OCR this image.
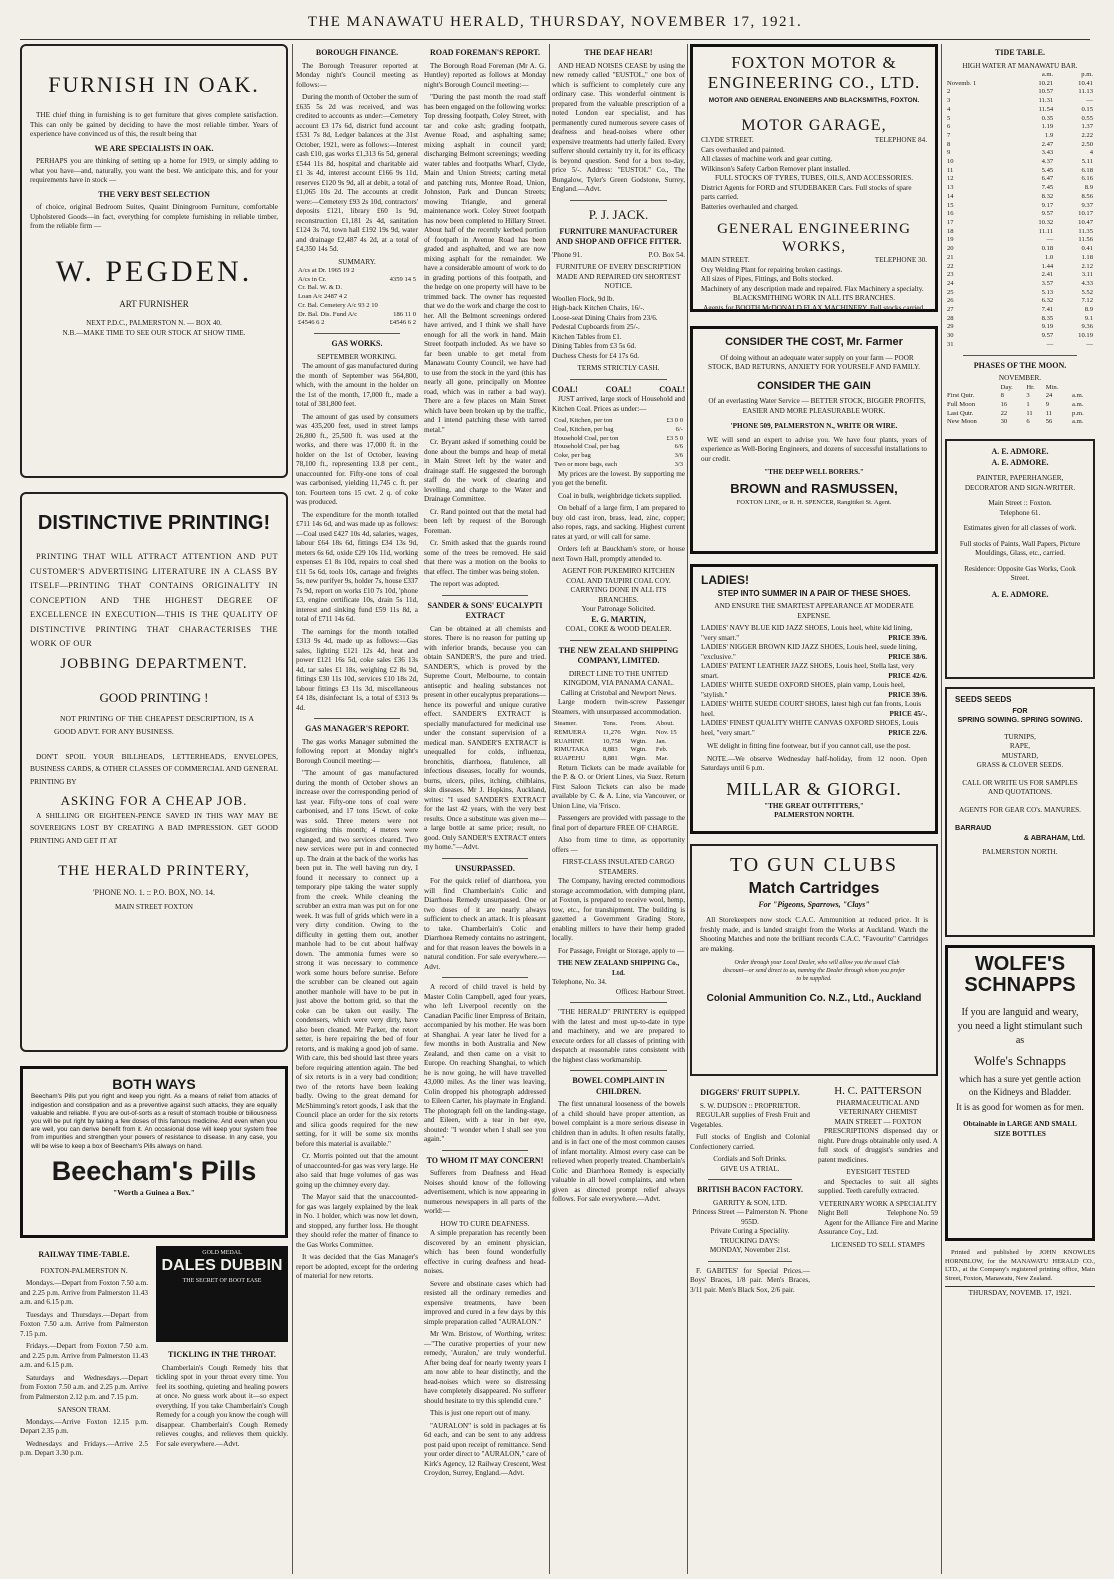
THE MANAWATU HERALD, THURSDAY, NOVEMBER 17, 1921.
FURNISH IN OAK.

THE chief thing in furnishing is to get furniture that gives complete satisfaction. This can only be gained by deciding to have the most reliable timber. Years of experience have convinced us of this, the result being that

WE ARE SPECIALISTS IN OAK.

PERHAPS you are thinking of setting up a home for 1919, or simply adding to what you have—and, naturally, you want the best. We anticipate this, and for your requirements have in stock —

THE VERY BEST SELECTION

of choice, original Bedroom Suites, Quaint Diningroom Furniture, comfortable Upholstered Goods—in fact, everything for complete furnishing in reliable timber, from the reliable firm —

W. PEGDEN.
ART FURNISHER
NEXT P.D.C., PALMERSTON N. — BOX 40.
N.B.—MAKE TIME TO SEE OUR STOCK AT SHOW TIME.
DISTINCTIVE PRINTING!

PRINTING THAT WILL ATTRACT ATTENTION AND PUT CUSTOMER'S ADVERTISING LITERATURE IN A CLASS BY ITSELF—PRINTING THAT CONTAINS ORIGINALITY IN CONCEPTION AND THE HIGHEST DEGREE OF EXCELLENCE IN EXECUTION—THIS IS THE QUALITY OF DISTINCTIVE PRINTING THAT CHARACTERISES THE WORK OF OUR

JOBBING DEPARTMENT.
GOOD PRINTING !

NOT PRINTING OF THE CHEAPEST DESCRIPTION, IS A GOOD ADVT. FOR ANY BUSINESS.

DON'T SPOIL YOUR BILLHEADS, LETTERHEADS, ENVELOPES, BUSINESS CARDS, & OTHER CLASSES OF COMMERCIAL AND GENERAL PRINTING BY

ASKING FOR A CHEAP JOB.

A SHILLING OR EIGHTEEN-PENCE SAVED IN THIS WAY MAY BE SOVEREIGNS LOST BY CREATING A BAD IMPRESSION. GET GOOD PRINTING AND GET IT AT

THE HERALD PRINTERY,
'PHONE NO. 1. :: P.O. BOX, NO. 14.
MAIN STREET FOXTON
BOTH WAYS

Beecham's Pills put you right and keep you right. As a means of relief from attacks of indigestion and constipation and as a preventive against such attacks, they are equally valuable and reliable. If you are out-of-sorts as a result of stomach trouble or biliousness you will be put right by taking a few doses of this famous medicine. And even when you are well, you can derive benefit from it. An occasional dose will keep your system free from impurities and strengthen your powers of resistance to disease. In any case, you will be wise to keep a box of Beecham's Pills always on hand.

Beecham's Pills
"Worth a Guinea a Box."
RAILWAY TIME-TABLE.
FOXTON-PALMERSTON N.

Mondays.—Depart from Foxton 7.50 a.m. and 2.25 p.m. Arrive from Palmerston 11.43 a.m. and 6.15 p.m.

Tuesdays and Thursdays.—Depart from Foxton 7.50 a.m. Arrive from Palmerston 7.15 p.m.

Fridays.—Depart from Foxton 7.50 a.m. and 2.25 p.m. Arrive from Palmerston 11.43 a.m. and 6.15 p.m.

Saturdays and Wednesdays.—Depart from Foxton 7.50 a.m. and 2.25 p.m. Arrive from Palmerston 2.12 p.m. and 7.15 p.m.

SANSON TRAM.

Mondays.—Arrive Foxton 12.15 p.m. Depart 2.35 p.m.

Wednesdays and Fridays.—Arrive 2.5 p.m. Depart 3.30 p.m.

GOLD MEDAL
DALES DUBBIN
THE SECRET OF BOOT EASE
TICKLING IN THE THROAT.

Chamberlain's Cough Remedy hits that tickling spot in your throat every time. You feel its soothing, quieting and healing powers at once. No guess work about it—so expect everything. If you take Chamberlain's Cough Remedy for a cough you know the cough will disappear. Chamberlain's Cough Remedy relieves coughs, and relieves them quickly. For sale everywhere.—Advt.

BOROUGH FINANCE.

The Borough Treasurer reported at Monday night's Council meeting as follows:—

During the month of October the sum of £635 5s 2d was received, and was credited to accounts as under:—Cemetery account £3 17s 6d, district fund account £531 7s 8d, Ledger balances at the 31st October, 1921, were as follows:—Interest cash £10, gas works £1,313 6s 5d, general £544 11s 8d, hospital and charitable aid £1 3s 4d, interest account £166 9s 11d, reserves £120 9s 9d, all at debit, a total of £1,065 10s 2d. The accounts at credit were:—Cemetery £93 2s 10d, contractors' deposits £121, library £60 1s 9d, reconstruction £1,181 2s 4d, sanitation £124 3s 7d, town hall £192 19s 9d, water and drainage £2,487 4s 2d, at a total of £4,350 14s 5d.

SUMMARY.
A/cs at Dr. 1965 19 2	
A/cs in Cr.	4359 14 5
Cr. Bal. W. & D.	
Loan A/c 2487 4 2	
Cr. Bal. Cemetery A/c 93 2 10	
Dr. Bal. Dis. Fund A/c	186 11 0
£4546 6 2	£4546 6 2
GAS WORKS.
SEPTEMBER WORKING.

The amount of gas manufactured during the month of September was 564,800, which, with the amount in the holder on the 1st of the month, 17,000 ft., made a total of 381,800 feet.

The amount of gas used by consumers was 435,200 feet, used in street lamps 26,800 ft., 25,500 ft. was used at the works, and there was 17,000 ft. in the holder on the 1st of October, leaving 78,100 ft., representing 13.8 per cent., unaccounted for. Fifty-one tons of coal was carbonised, yielding 11,745 c. ft. per ton. Fourteen tons 15 cwt. 2 q. of coke was produced.

The expenditure for the month totalled £711 14s 6d, and was made up as follows:—Coal used £427 10s 4d, salaries, wages, labour £64 18s 6d, fittings £34 13s 9d, meters 6s 6d, oxide £29 10s 11d, working expenses £1 8s 10d, repairs to coal shed £11 5s 6d, tools 10s, cartage and freights 5s, new purifyer 9s, holder 7s, house £337 7s 9d, report on works £10 7s 10d, 'phone £3, engine certificate 10s, drain 5s 11d, interest and sinking fund £59 11s 8d, a total of £711 14s 6d.

The earnings for the month totalled £313 9s 4d, made up as follows:—Gas sales, lighting £121 12s 4d, heat and power £121 16s 5d, coke sales £36 13s 4d, tar sales £1 18s, weighing £2 8s 9d, fittings £30 11s 10d, services £10 18s 2d, labour fittings £3 11s 3d, miscellaneous £4 18s, disinfectant 1s, a total of £313 9s 4d.

GAS MANAGER'S REPORT.

The gas works Manager submitted the following report at Monday night's Borough Council meeting:—

"The amount of gas manufactured during the month of October shows an increase over the corresponding period of last year. Fifty-one tons of coal were carbonised, and 17 tons 15cwt. of coke was sold. Three meters were not registering this month; 4 meters were changed, and two services cleared. Two new services were put in and connected up. The drain at the back of the works has been put in. The well having run dry, I found it necessary to connect up a temporary pipe taking the water supply from the creek. While cleaning the scrubber an extra man was put on for one week. It was full of grids which were in a very dirty condition. Owing to the difficulty in getting them out, another manhole had to be cut about halfway down. The ammonia fumes were so strong it was necessary to commence work some hours before sunrise. Before the scrubber can be cleaned out again another manhole will have to be put in just above the bottom grid, so that the coke can be taken out easily. The condensers, which were very dirty, have also been cleaned. Mr Parker, the retort setter, is here repairing the bed of four retorts, and is making a good job of same. With care, this bed should last three years before requiring attention again. The bed of six retorts is in a very bad condition; two of the retorts have been leaking badly. Owing to the great demand for McShimming's retort goods, I ask that the Council place an order for the six retorts and silica goods required for the new setting, for it will be some six months before this material is available."

Cr. Morris pointed out that the amount of unaccounted-for gas was very large. He also said that huge volumes of gas was going up the chimney every day.

The Mayor said that the unaccounted-for gas was largely explained by the leak in No. 1 holder, which was now let down, and stopped, any further loss. He thought they should refer the matter of finance to the Gas Works Committee.

It was decided that the Gas Manager's report be adopted, except for the ordering of material for new retorts.

ROAD FOREMAN'S REPORT.

The Borough Road Foreman (Mr A. G. Huntley) reported as follows at Monday night's Borough Council meeting:—

"During the past month the road staff has been engaged on the following works: Top dressing footpath, Coley Street, with tar and coke ash; grading footpath, Avenue Road, and asphalting same; mixing asphalt in council yard; discharging Belmont screenings; weeding water tables and footpaths Wharf, Clyde, Main and Union Streets; carting metal and patching ruts, Montee Road, Union, Johnston, Park and Duncan Streets; mowing Triangle, and general maintenance work. Coley Street footpath has now been completed to Hillary Street. About half of the recently kerbed portion of footpath in Avenue Road has been graded and asphalted, and we are now mixing asphalt for the remainder. We have a considerable amount of work to do in grading portions of this footpath, and the hedge on one property will have to be trimmed back. The owner has requested that we do the work and charge the cost to her. All the Belmont screenings ordered have arrived, and I think we shall have enough for all the work in hand. Main Street footpath included. As we have so far been unable to get metal from Manawatu County Council, we have had to use from the stock in the yard (this has nearly all gone, principally on Montee road, which was in rather a bad way). There are a few places on Main Street which have been broken up by the traffic, and I intend patching these with tarred metal."

Cr. Bryant asked if something could be done about the bumps and heap of metal in Main Street left by the water and drainage staff. He suggested the borough staff do the work of clearing and levelling, and charge to the Water and Drainage Committee.

Cr. Rand pointed out that the metal had been left by request of the Borough Foreman.

Cr. Smith asked that the guards round some of the trees be removed. He said that there was a motion on the books to that effect. The timber was being stolen.

The report was adopted.

SANDER & SONS' EUCALYPTI EXTRACT

Can be obtained at all chemists and stores. There is no reason for putting up with inferior brands, because you can obtain SANDER'S, the pure and tried. SANDER'S, which is proved by the Supreme Court, Melbourne, to contain antiseptic and healing substances not present in other eucalyptus preparations—hence its powerful and unique curative effect. SANDER'S EXTRACT is specially manufactured for medicinal use under the constant supervision of a medical man. SANDER'S EXTRACT is unequalled for colds, influenza, bronchitis, diarrhoea, flatulence, all infectious diseases, locally for wounds, burns, ulcers, piles, itching, chilblains, skin diseases. Mr J. Hopkins, Auckland, writes: "I used SANDER'S EXTRACT for the last 42 years, with the very best results. Once a substitute was given me—a large bottle at same price; result, no good. Only SANDER'S EXTRACT enters my home."—Advt.

UNSURPASSED.

For the quick relief of diarrhoea, you will find Chamberlain's Colic and Diarrhoea Remedy unsurpassed. One or two doses of it are nearly always sufficient to check an attack. It is pleasant to take. Chamberlain's Colic and Diarrhoea Remedy contains no astringent, and for that reason leaves the bowels in a natural condition. For sale everywhere.—Advt.

A record of child travel is held by Master Colin Campbell, aged four years, who left Liverpool recently on the Canadian Pacific liner Empress of Britain, accompanied by his mother. He was born at Shanghai. A year later he lived for a few months in both Australia and New Zealand, and then came on a visit to Europe. On reaching Shanghai, to which he is now going, he will have travelled 43,000 miles. As the liner was leaving, Colin dropped his photograph addressed to Eileen Carter, his playmate in England. The photograph fell on the landing-stage, and Eileen, with a tear in her eye, shouted: "I wonder when I shall see you again."

TO WHOM IT MAY CONCERN!

Sufferers from Deafness and Head Noises should know of the following advertisement, which is now appearing in numerous newspapers in all parts of the world:—

HOW TO CURE DEAFNESS.

A simple preparation has recently been discovered by an eminent physician, which has been found wonderfully effective in curing deafness and head-noises.

Severe and obstinate cases which had resisted all the ordinary remedies and expensive treatments, have been improved and cured in a few days by this simple preparation called "AURALON."

Mr Wm. Bristow, of Worthing, writes:—"The curative properties of your new remedy, 'Auralon,' are truly wonderful. After being deaf for nearly twenty years I am now able to hear distinctly, and the head-noises which were so distressing have completely disappeared. No sufferer should hesitate to try this splendid cure."

This is just one report out of many.

"AURALON" is sold in packages at 6s 6d each, and can be sent to any address post paid upon receipt of remittance. Send your order direct to "AURALON," care of Kirk's Agency, 12 Railway Crescent, West Croydon, Surrey, England.—Advt.

THE DEAF HEAR!

AND HEAD NOISES CEASE by using the new remedy called "EUSTOL," one box of which is sufficient to completely cure any ordinary case. This wonderful ointment is prepared from the valuable prescription of a noted London ear specialist, and has permanently cured numerous severe cases of deafness and head-noises where other expensive treatments had utterly failed. Every sufferer should certainly try it, for its efficacy is beyond question. Send for a box to-day, price 5/-. Address: "EUSTOL" Co., The Bungalow, Tyler's Green Godstone, Surrey, England.—Advt.

P. J. JACK.
FURNITURE MANUFACTURER AND SHOP AND OFFICE FITTER.
'Phone 91.	P.O. Box 54.
FURNITURE OF EVERY DESCRIPTION MADE AND REPAIRED ON SHORTEST NOTICE.
Woollen Flock, 9d lb.
High-back Kitchen Chairs, 16/-.
Loose-seat Dining Chairs from 23/6.
Pedestal Cupboards from 25/-.
Kitchen Tables from £1.
Dining Tables from £3 5s 6d.
Duchess Chests for £4 17s 6d.
TERMS STRICTLY CASH.
COAL!	COAL!	COAL!

JUST arrived, large stock of Household and Kitchen Coal. Prices as under:—

Coal, Kitchen, per ton	£3 0 0
Coal, Kitchen, per bag	6/-
Household Coal, per ton	£3 5 0
Household Coal, per bag	6/6
Coke, per bag	3/6
Two or more bags, each	3/3

My prices are the lowest. By supporting me you get the benefit.

Coal in bulk, weighbridge tickets supplied.

On behalf of a large firm, I am prepared to buy old cast iron, brass, lead, zinc, copper; also ropes, rags, and sacking. Highest current rates at yard, or will call for same.

Orders left at Bauckham's store, or house next Town Hall, promptly attended to.

AGENT FOR PUKEMIRO KITCHEN COAL AND TAUPIRI COAL COY.
CARRYING DONE IN ALL ITS BRANCHES.
Your Patronage Solicited.
E. G. MARTIN,
COAL, COKE & WOOD DEALER.
THE NEW ZEALAND SHIPPING COMPANY, LIMITED.
DIRECT LINE TO THE UNITED KINGDOM, VIA PANAMA CANAL.
Calling at Cristobal and Newport News.

Large modern twin-screw Passenger Steamers, with unsurpassed accommodation.

Steamer.	Tons.	From.	About.
REMUERA	11,276	Wgtn.	Nov. 15
RUAHINE	10,758	Wgtn.	Jan.
RIMUTAKA	8,883	Wgtn.	Feb.
RUAPEHU	8,881	Wgtn.	Mar.

Return Tickets can be made available for the P. & O. or Orient Lines, via Suez. Return First Saloon Tickets can also be made available by C. & A. Line, via Vancouver, or Union Line, via 'Frisco.

Passengers are provided with passage to the final port of departure FREE OF CHARGE.

Also from time to time, as opportunity offers —

FIRST-CLASS INSULATED CARGO STEAMERS.

The Company, having erected commodious storage accommodation, with dumping plant, at Foxton, is prepared to receive wool, hemp, tow, etc., for transhipment. The building is gazetted a Government Grading Store, enabling millers to have their hemp graded locally.

For Passage, Freight or Storage, apply to —

THE NEW ZEALAND SHIPPING Co., Ltd.
Telephone, No. 34.
Offices: Harbour Street.

"THE HERALD" PRINTERY is equipped with the latest and most up-to-date in type and machinery, and we are prepared to execute orders for all classes of printing with despatch at reasonable rates consistent with the highest class workmanship.

BOWEL COMPLAINT IN CHILDREN.

The first unnatural looseness of the bowels of a child should have proper attention, as bowel complaint is a more serious disease in children than in adults. It often results fatally, and is in fact one of the most common causes of infant mortality. Almost every case can be relieved when properly treated. Chamberlain's Colic and Diarrhoea Remedy is especially valuable in all bowel complaints, and when given as directed prompt relief always follows. For sale everywhere.—Advt.

FOXTON MOTOR & ENGINEERING CO., LTD.
MOTOR AND GENERAL ENGINEERS AND BLACKSMITHS, FOXTON.
MOTOR GARAGE,
CLYDE STREET.	TELEPHONE 84.
Cars overhauled and painted.
All classes of machine work and gear cutting.
Wilkinson's Safety Carbon Remover plant installed.
FULL STOCKS OF TYRES, TUBES, OILS, AND ACCESSORIES.
District Agents for FORD and STUDEBAKER Cars. Full stocks of spare parts carried.
Batteries overhauled and charged.
GENERAL ENGINEERING WORKS,
MAIN STREET.	TELEPHONE 30.
Oxy Welding Plant for repairing broken castings.
All sizes of Pipes, Fittings, and Bolts stocked.
Machinery of any description made and repaired. Flax Machinery a specialty.
BLACKSMITHING WORK IN ALL ITS BRANCHES.
Agents for BOOTH McDONALD FLAX MACHINERY. Full stocks carried.
CONSIDER THE COST, Mr. Farmer

Of doing without an adequate water supply on your farm — POOR STOCK, BAD RETURNS, ANXIETY FOR YOURSELF AND FAMILY.

CONSIDER THE GAIN

Of an everlasting Water Service — BETTER STOCK, BIGGER PROFITS, EASIER AND MORE PLEASURABLE WORK.

'PHONE 509, PALMERSTON N., WRITE OR WIRE.

WE will send an expert to advise you. We have four plants, years of experience as Well-Boring Engineers, and dozens of successful installations to our credit.

"THE DEEP WELL BORERS."
BROWN and RASMUSSEN,
FOXTON LINE, or R. H. SPENCER, Rangitikei St. Agent.
LADIES!
STEP INTO SUMMER IN A PAIR OF THESE SHOES.
AND ENSURE THE SMARTEST APPEARANCE AT MODERATE EXPENSE.
LADIES' NAVY BLUE KID JAZZ SHOES, Louis heel, white kid lining, "very smart."	PRICE 39/6.
LADIES' NIGGER BROWN KID JAZZ SHOES, Louis heel, suede lining, "exclusive."	PRICE 38/6.
LADIES' PATENT LEATHER JAZZ SHOES, Louis heel, Stella last, very smart.	PRICE 42/6.
LADIES' WHITE SUEDE OXFORD SHOES, plain vamp, Louis heel, "stylish."	PRICE 39/6.
LADIES' WHITE SUEDE COURT SHOES, latest high cut fan fronts, Louis heel.	PRICE 45/-.
LADIES' FINEST QUALITY WHITE CANVAS OXFORD SHOES, Louis heel, "very smart."	PRICE 22/6.

WE delight in fitting fine footwear, but if you cannot call, use the post.

NOTE.—We observe Wednesday half-holiday, from 12 noon. Open Saturdays until 6 p.m.

MILLAR & GIORGI.
"THE GREAT OUTFITTERS,"
PALMERSTON NORTH.
TO GUN CLUBS
Match Cartridges
For "Pigeons, Sparrows, "Clays"

All Storekeepers now stock C.A.C. Ammunition at reduced price. It is freshly made, and is landed straight from the Works at Auckland. Watch the Shooting Matches and note the brilliant records C.A.C. "Favourite" Cartridges are making.

Order through your Local Dealer, who will allow you the usual Club discount—or send direct to us, naming the Dealer through whom you prefer to be supplied.

Colonial Ammunition Co. N.Z., Ltd., Auckland
DIGGERS' FRUIT SUPPLY.
S. W. DUDSON :: PROPRIETOR.

REGULAR supplies of Fresh Fruit and Vegetables.

Full stocks of English and Colonial Confectionery carried.

Cordials and Soft Drinks.
GIVE US A TRIAL.
BRITISH BACON FACTORY.
GARRITY & SON, LTD.
Princess Street — Palmerston N. 'Phone 955D.
Private Curing a Speciality.
TRUCKING DAYS:
MONDAY, November 21st.

F. GABITES' for Special Prices.—Boys' Braces, 1/8 pair. Men's Braces, 3/11 pair. Men's Black Sox, 2/6 pair.

H. C. PATTERSON
PHARMACEUTICAL AND VETERINARY CHEMIST
MAIN STREET — FOXTON

PRESCRIPTIONS dispensed day or night. Pure drugs obtainable only used. A full stock of druggist's sundries and patent medicines.

EYESIGHT TESTED

and Spectacles to suit all sights supplied. Teeth carefully extracted.

VETERINARY WORK A SPECIALITY
Night Bell	Telephone No. 59

Agent for the Alliance Fire and Marine Assurance Coy., Ltd.

LICENSED TO SELL STAMPS
TIDE TABLE.
HIGH WATER AT MANAWATU BAR.
	a.m.	p.m.
Novemb. 1	10.21	10.41
2	10.57	11.13
3	11.31	—
4	11.54	0.15
5	0.35	0.55
6	1.19	1.37
7	1.9	2.22
8	2.47	2.50
9	3.43	4
10	4.37	5.11
11	5.45	6.18
12	6.47	6.16
13	7.45	8.9
14	8.32	8.56
15	9.17	9.37
16	9.57	10.17
17	10.32	10.47
18	11.11	11.35
19	—	11.56
20	0.18	0.41
21	1.0	1.18
22	1.44	2.12
23	2.41	3.11
24	3.57	4.33
25	5.13	5.52
26	6.32	7.12
27	7.41	8.9
28	8.35	9.1
29	9.19	9.36
30	9.57	10.19
31	—	—
PHASES OF THE MOON.
NOVEMBER.
	Day.	Hr.	Min.	
First Qutr.	8	3	24	a.m.
Full Moon	16	1	9	a.m.
Last Qutr.	22	11	11	p.m.
New Moon	30	6	56	a.m.
A. E. ADMORE.
A. E. ADMORE.
PAINTER, PAPERHANGER, DECORATOR AND SIGN-WRITER.
Main Street :: Foxton.
Telephone 61.
Estimates given for all classes of work.
Full stocks of Paints, Wall Papers, Picture Mouldings, Glass, etc., carried.
Residence: Opposite Gas Works, Cook Street.
A. E. ADMORE.
SEEDS SEEDS
FOR
SPRING SOWING. SPRING SOWING.
TURNIPS,
RAPE,
MUSTARD,
GRASS & CLOVER SEEDS.
CALL OR WRITE US FOR SAMPLES AND QUOTATIONS.
AGENTS FOR GEAR CO's. MANURES.
BARRAUD
& ABRAHAM, Ltd.
PALMERSTON NORTH.
WOLFE'S SCHNAPPS

If you are languid and weary, you need a light stimulant such as

Wolfe's Schnapps

which has a sure yet gentle action on the Kidneys and Bladder.

It is as good for women as for men.

Obtainable in LARGE AND SMALL SIZE BOTTLES

Printed and published by JOHN KNOWLES HORNBLOW, for the MANAWATU HERALD CO., LTD., at the Company's registered printing office, Main Street, Foxton, Manawatu, New Zealand.

THURSDAY, NOVEMB. 17, 1921.
